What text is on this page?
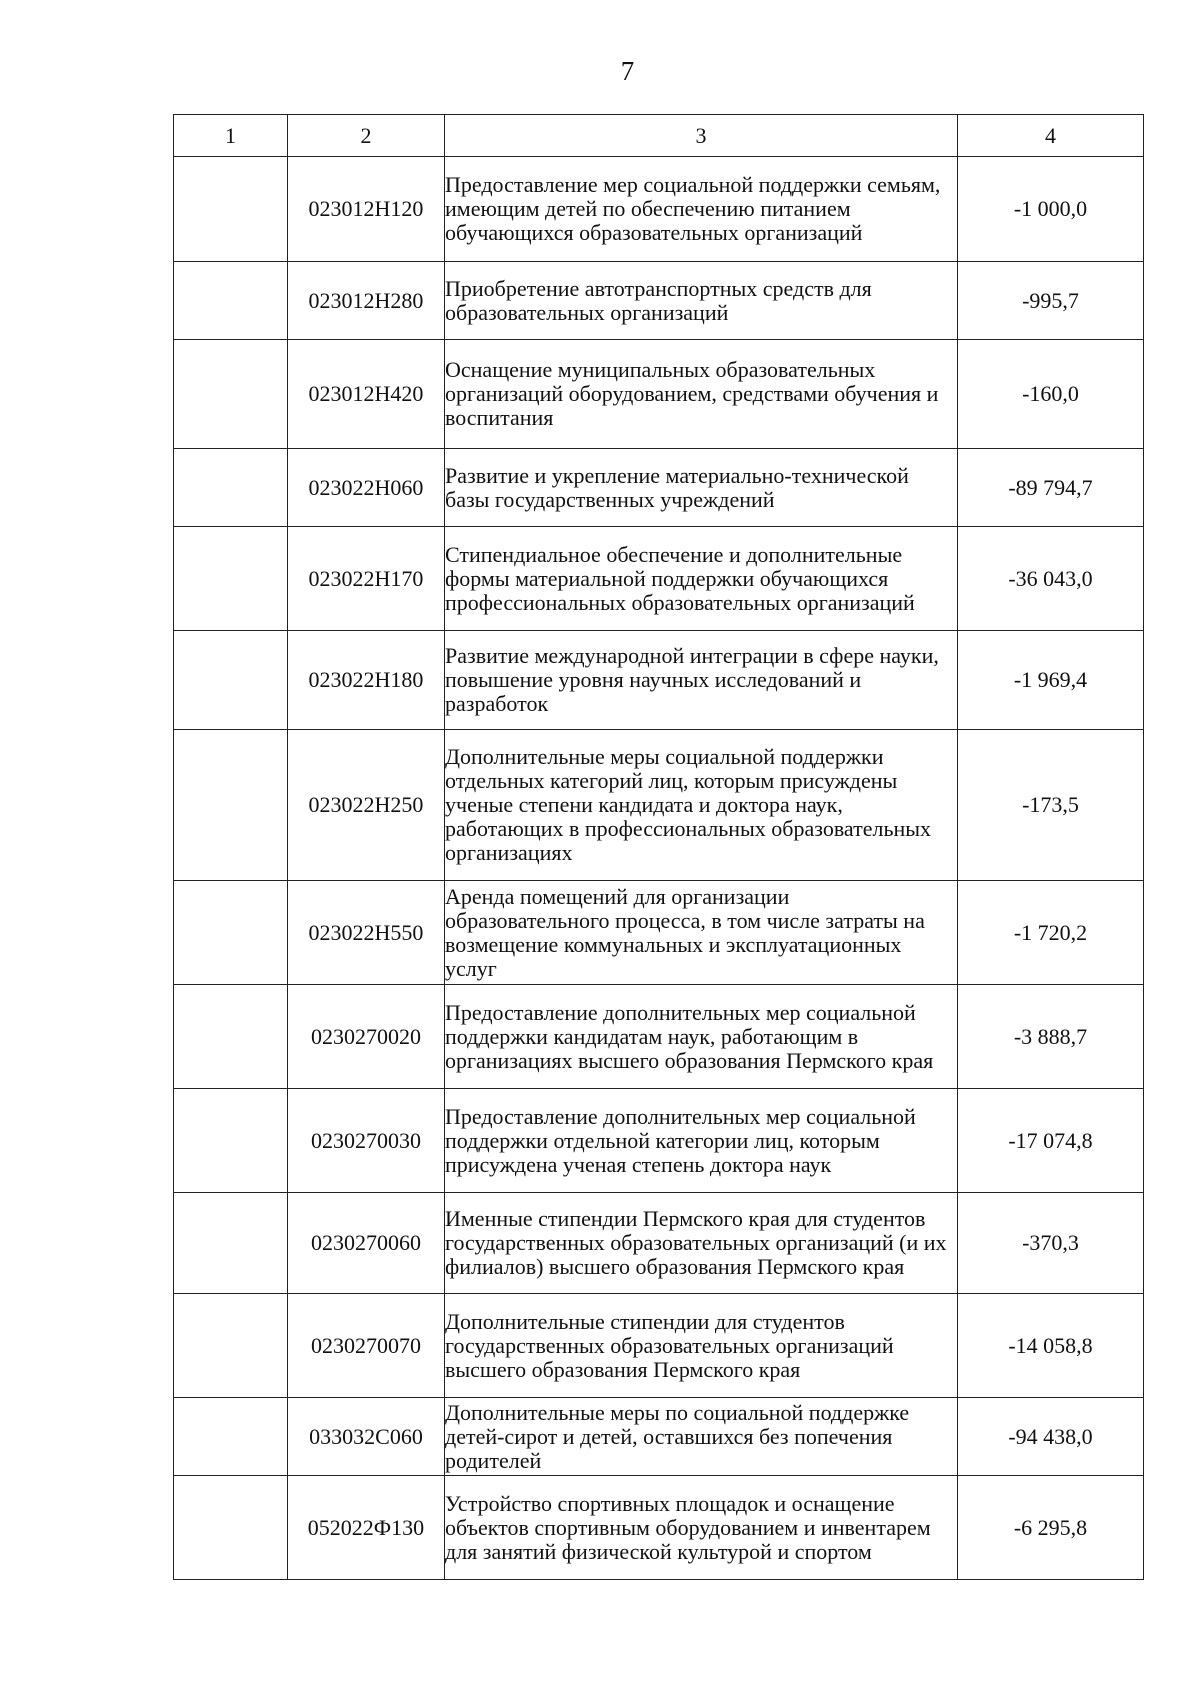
7
1	2	3	4
	023012Н120	Предоставление мер социальной поддержки семьям, имеющим детей по обеспечению питанием обучающихся образовательных организаций	-1 000,0
	023012Н280	Приобретение автотранспортных средств для образовательных организаций	-995,7
	023012Н420	Оснащение муниципальных образовательных организаций оборудованием, средствами обучения и воспитания	-160,0
	023022Н060	Развитие и укрепление материально-технической базы государственных учреждений	-89 794,7
	023022Н170	Стипендиальное обеспечение и дополнительные формы материальной поддержки обучающихся профессиональных образовательных организаций	-36 043,0
	023022Н180	Развитие международной интеграции в сфере науки, повышение уровня научных исследований и разработок	-1 969,4
	023022Н250	Дополнительные меры социальной поддержки отдельных категорий лиц, которым присуждены ученые степени кандидата и доктора наук, работающих в профессиональных образовательных организациях	-173,5
	023022Н550	Аренда помещений для организации образовательного процесса, в том числе затраты на возмещение коммунальных и эксплуатационных услуг	-1 720,2
	0230270020	Предоставление дополнительных мер социальной поддержки кандидатам наук, работающим в организациях высшего образования Пермского края	-3 888,7
	0230270030	Предоставление дополнительных мер социальной поддержки отдельной категории лиц, которым присуждена ученая степень доктора наук	-17 074,8
	0230270060	Именные стипендии Пермского края для студентов государственных образовательных организаций (и их филиалов) высшего образования Пермского края	-370,3
	0230270070	Дополнительные стипендии для студентов государственных образовательных организаций высшего образования Пермского края	-14 058,8
	033032С060	Дополнительные меры по социальной поддержке детей-сирот и детей, оставшихся без попечения родителей	-94 438,0
	052022Ф130	Устройство спортивных площадок и оснащение объектов спортивным оборудованием и инвентарем для занятий физической культурой и спортом	-6 295,8
